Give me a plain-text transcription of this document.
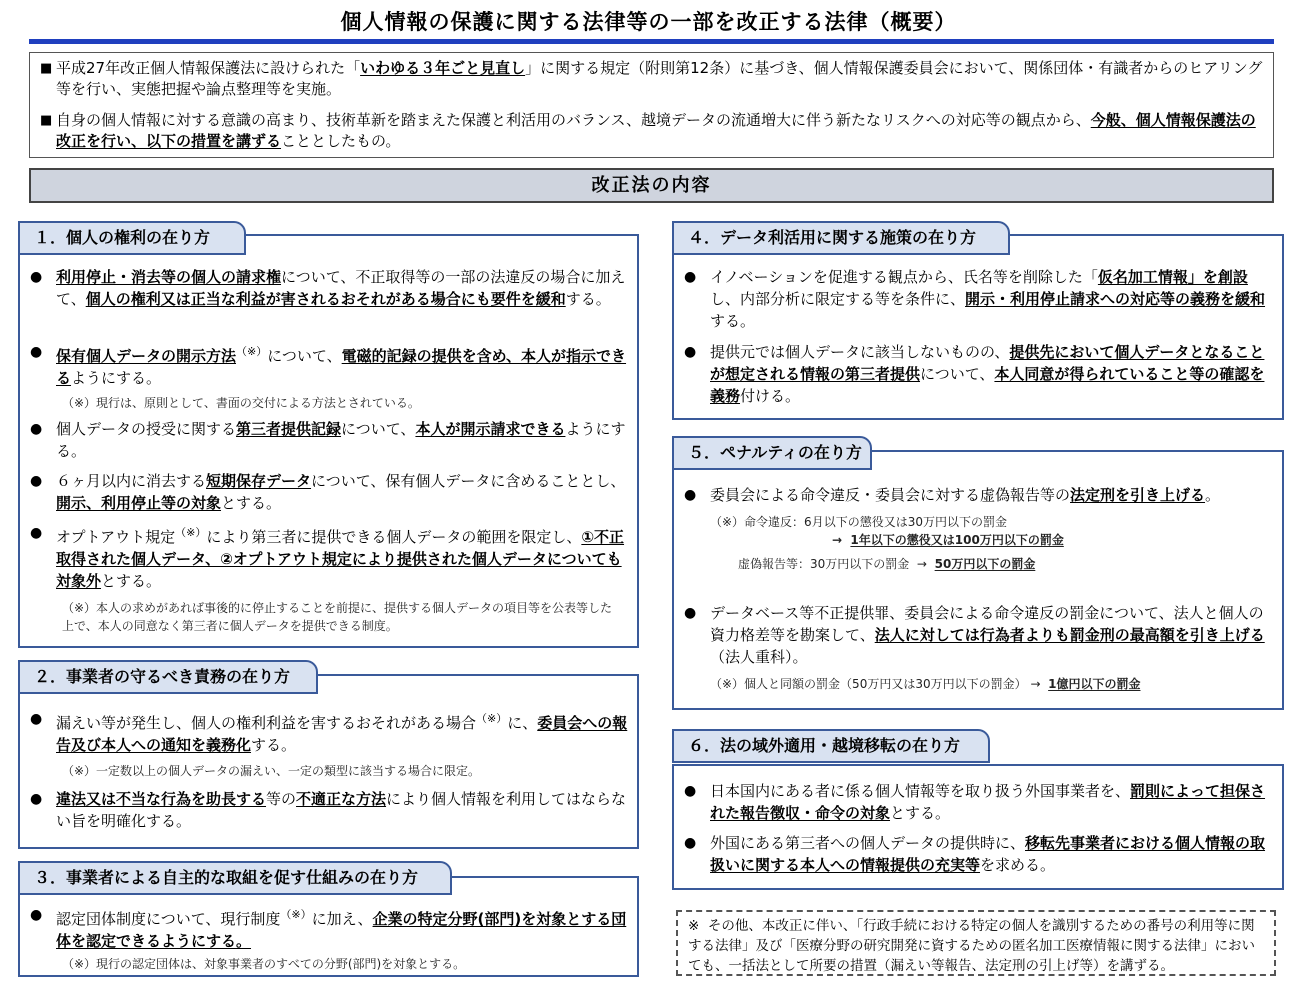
個人情報の保護に関する法律等の一部を改正する法律（概要）
■ 平成27年改正個人情報保護法に設けられた「いわゆる３年ごと見直し」に関する規定（附則第12条）に基づき、個人情報保護委員会において、関係団体・有識者からのヒアリング等を行い、実態把握や論点整理等を実施。
■ 自身の個人情報に対する意識の高まり、技術革新を踏まえた保護と利活用のバランス、越境データの流通増大に伴う新たなリスクへの対応等の観点から、今般、個人情報保護法の改正を行い、以下の措置を講ずることとしたもの。
改正法の内容
１．個人の権利の在り方
● 利用停止・消去等の個人の請求権について、不正取得等の一部の法違反の場合に加えて、個人の権利又は正当な利益が害されるおそれがある場合にも要件を緩和する。
● 保有個人データの開示方法（※）について、電磁的記録の提供を含め、本人が指示できるようにする。
（※）現行は、原則として、書面の交付による方法とされている。
● 個人データの授受に関する第三者提供記録について、本人が開示請求できるようにする。
● ６ヶ月以内に消去する短期保存データについて、保有個人データに含めることとし、開示、利用停止等の対象とする。
● オプトアウト規定（※）により第三者に提供できる個人データの範囲を限定し、①不正取得された個人データ、②オプトアウト規定により提供された個人データについても対象外とする。
（※）本人の求めがあれば事後的に停止することを前提に、提供する個人データの項目等を公表等した上で、本人の同意なく第三者に個人データを提供できる制度。
２．事業者の守るべき責務の在り方
● 漏えい等が発生し、個人の権利利益を害するおそれがある場合（※）に、委員会への報告及び本人への通知を義務化する。
（※）一定数以上の個人データの漏えい、一定の類型に該当する場合に限定。
● 違法又は不当な行為を助長する等の不適正な方法により個人情報を利用してはならない旨を明確化する。
３．事業者による自主的な取組を促す仕組みの在り方
● 認定団体制度について、現行制度（※）に加え、企業の特定分野(部門)を対象とする団体を認定できるようにする。
（※）現行の認定団体は、対象事業者のすべての分野(部門)を対象とする。
４．データ利活用に関する施策の在り方
● イノベーションを促進する観点から、氏名等を削除した「仮名加工情報」を創設し、内部分析に限定する等を条件に、開示・利用停止請求への対応等の義務を緩和する。
● 提供元では個人データに該当しないものの、提供先において個人データとなることが想定される情報の第三者提供について、本人同意が得られていること等の確認を義務付ける。
５．ペナルティの在り方
● 委員会による命令違反・委員会に対する虚偽報告等の法定刑を引き上げる。
（※）命令違反：6月以下の懲役又は30万円以下の罰金
→ 1年以下の懲役又は100万円以下の罰金
虚偽報告等：30万円以下の罰金 → 50万円以下の罰金
● データベース等不正提供罪、委員会による命令違反の罰金について、法人と個人の資力格差等を勘案して、法人に対しては行為者よりも罰金刑の最高額を引き上げる（法人重科）。
（※）個人と同額の罰金（50万円又は30万円以下の罰金） → 1億円以下の罰金
６．法の域外適用・越境移転の在り方
● 日本国内にある者に係る個人情報等を取り扱う外国事業者を、罰則によって担保された報告徴収・命令の対象とする。
● 外国にある第三者への個人データの提供時に、移転先事業者における個人情報の取扱いに関する本人への情報提供の充実等を求める。
※ その他、本改正に伴い、「行政手続における特定の個人を識別するための番号の利用等に関する法律」及び「医療分野の研究開発に資するための匿名加工医療情報に関する法律」においても、一括法として所要の措置（漏えい等報告、法定刑の引上げ等）を講ずる。
